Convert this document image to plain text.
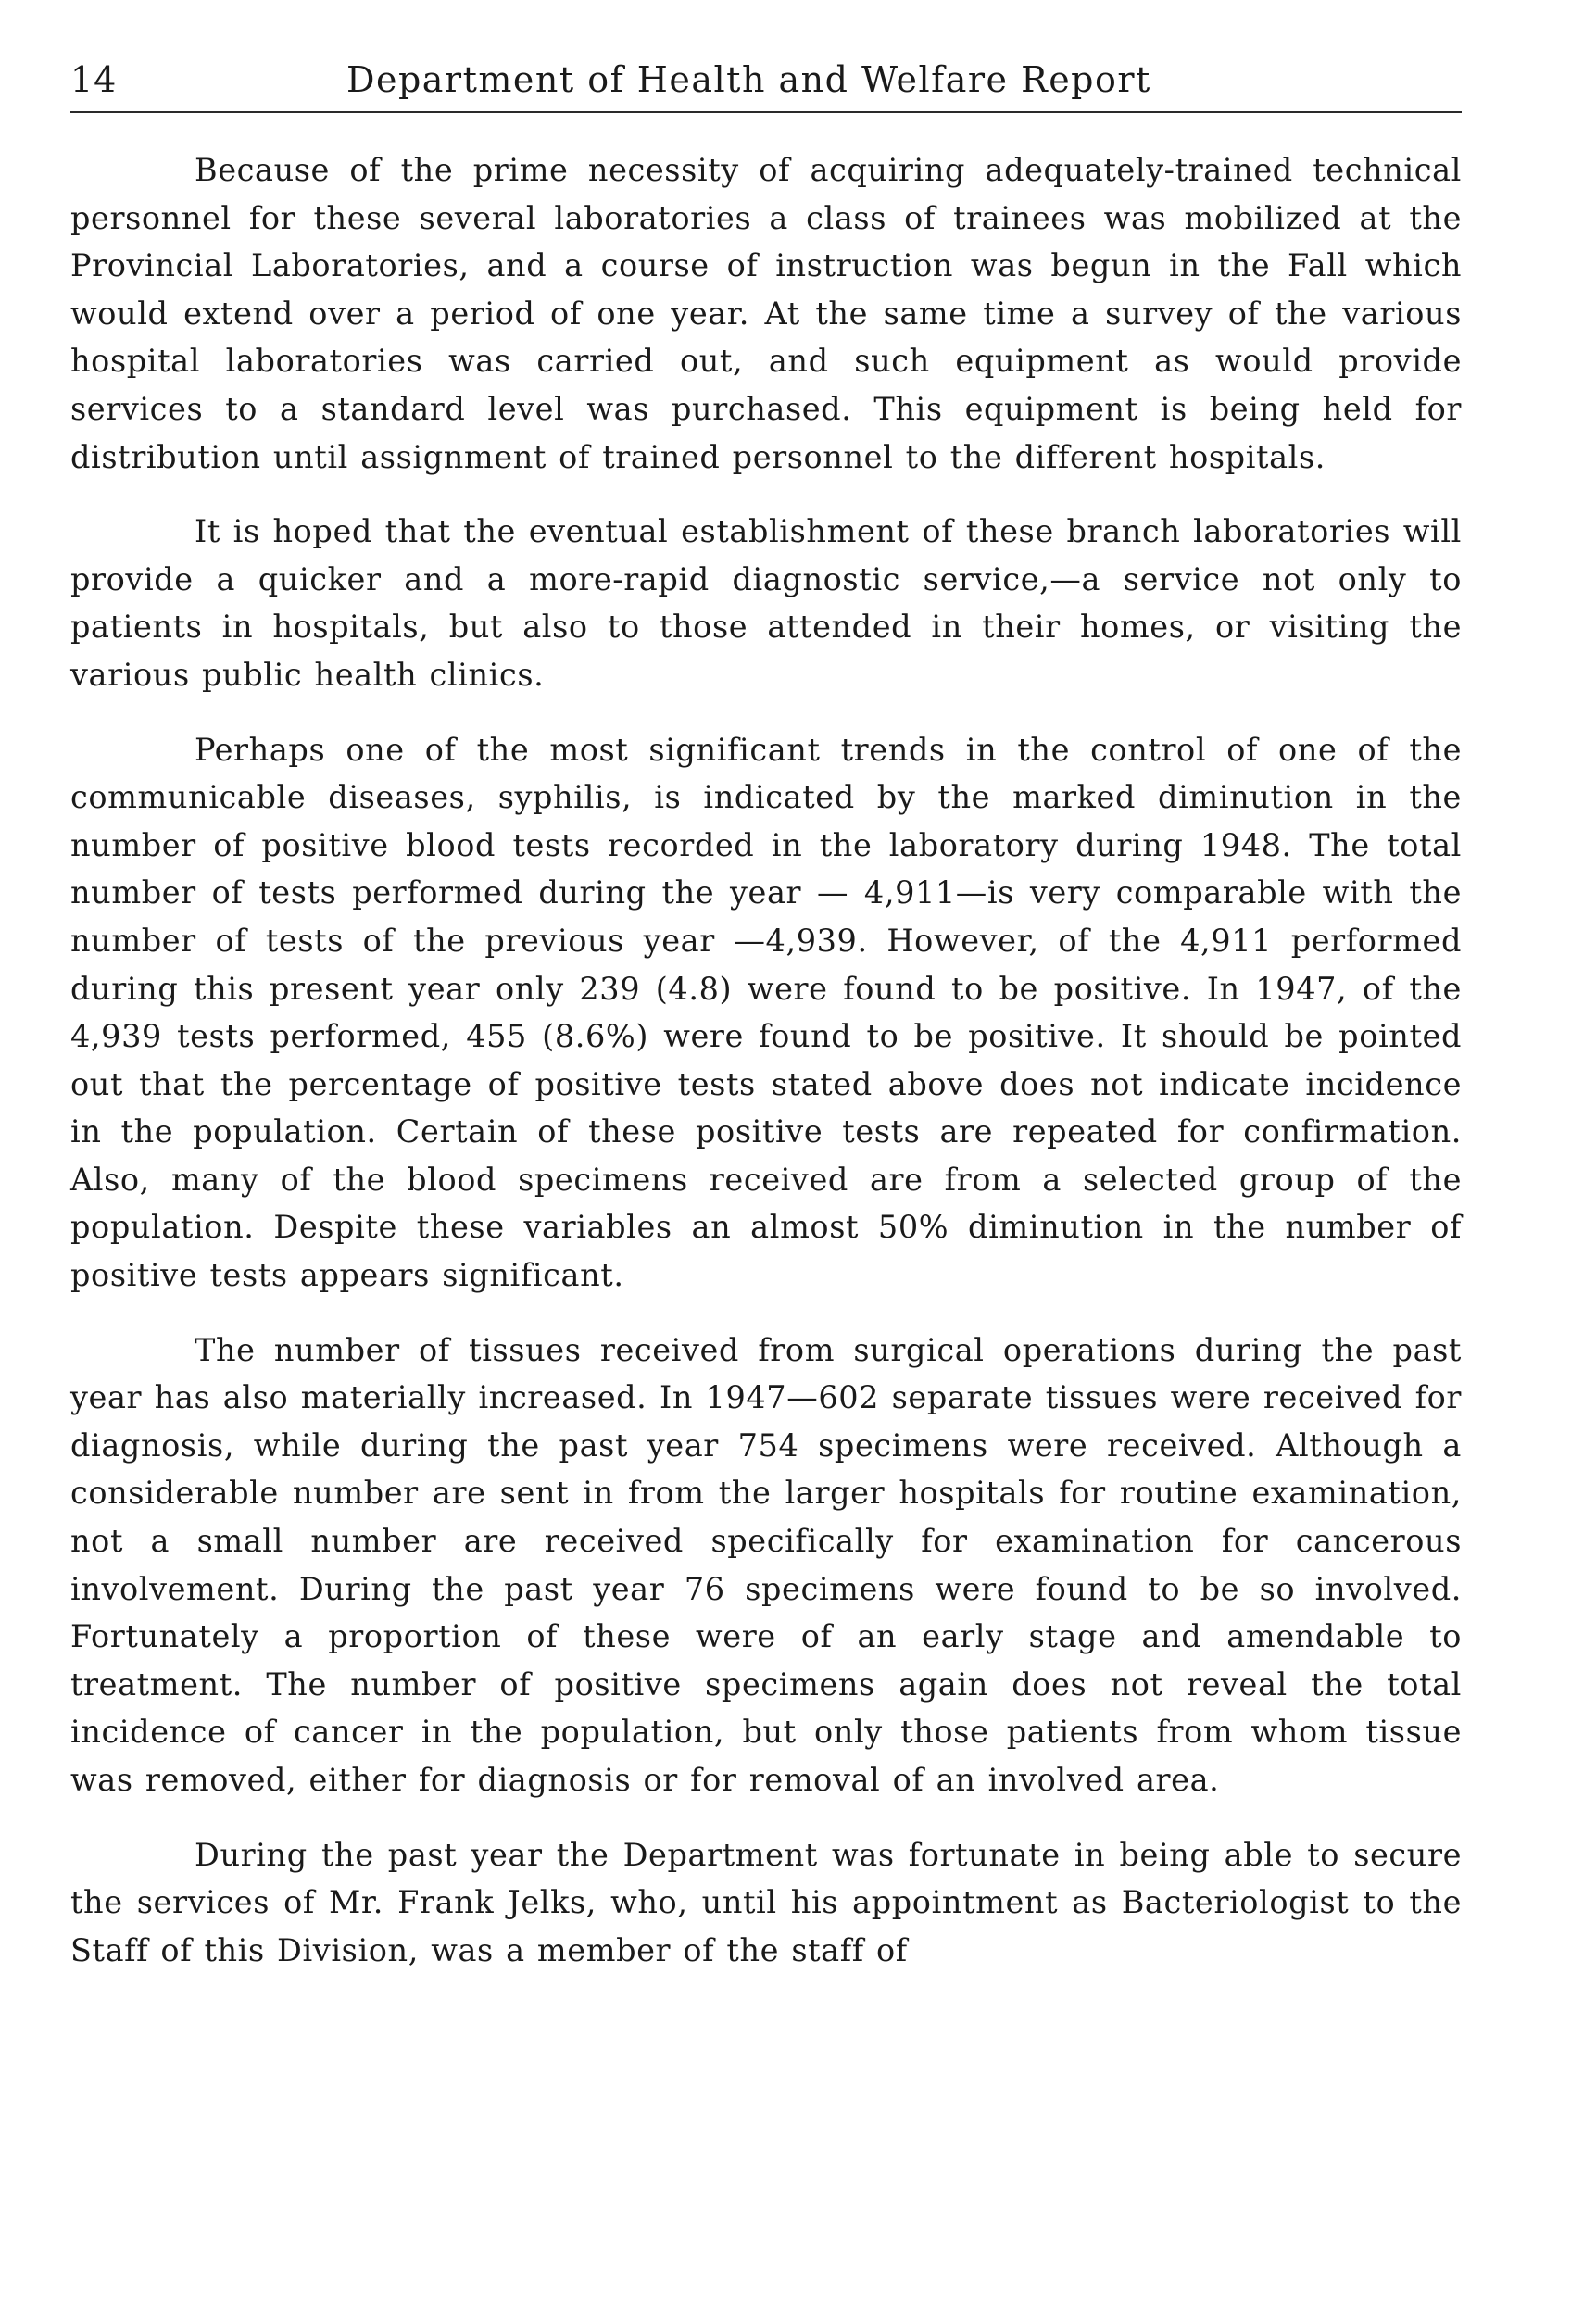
14	Department of Health and Welfare Report

Because of the prime necessity of acquiring adequately-trained technical personnel for these several laboratories a class of trainees was mobilized at the Provincial Laboratories, and a course of instruction was begun in the Fall which would extend over a period of one year. At the same time a survey of the various hospital laboratories was carried out, and such equipment as would provide services to a standard level was purchased. This equipment is being held for distribution until assignment of trained personnel to the different hospitals.

It is hoped that the eventual establishment of these branch laboratories will provide a quicker and a more-rapid diagnostic service,—a service not only to patients in hospitals, but also to those attended in their homes, or visiting the various public health clinics.

Perhaps one of the most significant trends in the control of one of the communicable diseases, syphilis, is indicated by the marked diminution in the number of positive blood tests recorded in the laboratory during 1948. The total number of tests performed during the year — 4,911—is very comparable with the number of tests of the previous year —4,939. However, of the 4,911 performed during this present year only 239 (4.8) were found to be positive. In 1947, of the 4,939 tests performed, 455 (8.6%) were found to be positive. It should be pointed out that the percentage of positive tests stated above does not indicate incidence in the population. Certain of these positive tests are repeated for confirmation. Also, many of the blood specimens received are from a selected group of the population. Despite these variables an almost 50% diminution in the number of positive tests appears significant.

The number of tissues received from surgical operations during the past year has also materially increased. In 1947—602 separate tissues were received for diagnosis, while during the past year 754 specimens were received. Although a considerable number are sent in from the larger hospitals for routine examination, not a small number are received specifically for examination for cancerous involvement. During the past year 76 specimens were found to be so involved. Fortunately a proportion of these were of an early stage and amendable to treatment. The number of positive specimens again does not reveal the total incidence of cancer in the population, but only those patients from whom tissue was removed, either for diagnosis or for removal of an involved area.

During the past year the Department was fortunate in being able to secure the services of Mr. Frank Jelks, who, until his appointment as Bacteriologist to the Staff of this Division, was a member of the staff of
